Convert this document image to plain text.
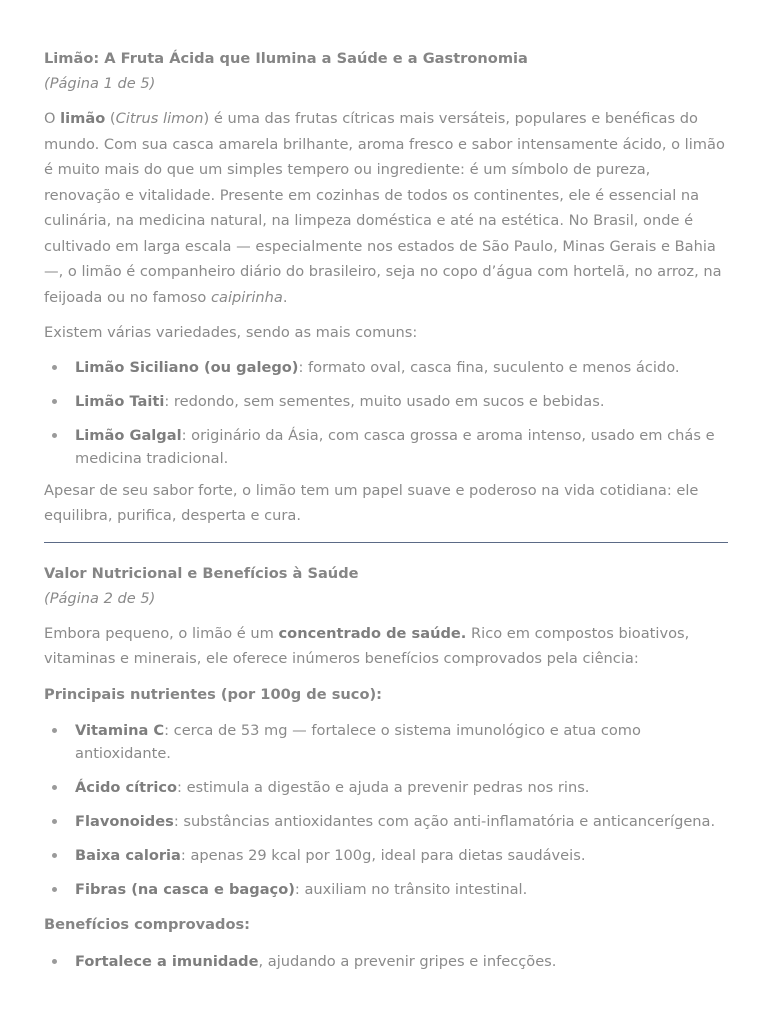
Limão: A Fruta Ácida que Ilumina a Saúde e a Gastronomia
(Página 1 de 5)

O limão (Citrus limon) é uma das frutas cítricas mais versáteis, populares e benéficas do mundo. Com sua casca amarela brilhante, aroma fresco e sabor intensamente ácido, o limão é muito mais do que um simples tempero ou ingrediente: é um símbolo de pureza, renovação e vitalidade. Presente em cozinhas de todos os continentes, ele é essencial na culinária, na medicina natural, na limpeza doméstica e até na estética. No Brasil, onde é cultivado em larga escala — especialmente nos estados de São Paulo, Minas Gerais e Bahia —, o limão é companheiro diário do brasileiro, seja no copo d’água com hortelã, no arroz, na feijoada ou no famoso caipirinha.

Existem várias variedades, sendo as mais comuns:

Limão Siciliano (ou galego): formato oval, casca fina, suculento e menos ácido.
Limão Taiti: redondo, sem sementes, muito usado em sucos e bebidas.
Limão Galgal: originário da Ásia, com casca grossa e aroma intenso, usado em chás e medicina tradicional.

Apesar de seu sabor forte, o limão tem um papel suave e poderoso na vida cotidiana: ele equilibra, purifica, desperta e cura.

Valor Nutricional e Benefícios à Saúde
(Página 2 de 5)

Embora pequeno, o limão é um concentrado de saúde. Rico em compostos bioativos, vitaminas e minerais, ele oferece inúmeros benefícios comprovados pela ciência:

Principais nutrientes (por 100g de suco):
Vitamina C: cerca de 53 mg — fortalece o sistema imunológico e atua como antioxidante.
Ácido cítrico: estimula a digestão e ajuda a prevenir pedras nos rins.
Flavonoides: substâncias antioxidantes com ação anti-inflamatória e anticancerígena.
Baixa caloria: apenas 29 kcal por 100g, ideal para dietas saudáveis.
Fibras (na casca e bagaço): auxiliam no trânsito intestinal.
Benefícios comprovados:
Fortalece a imunidade, ajudando a prevenir gripes e infecções.
